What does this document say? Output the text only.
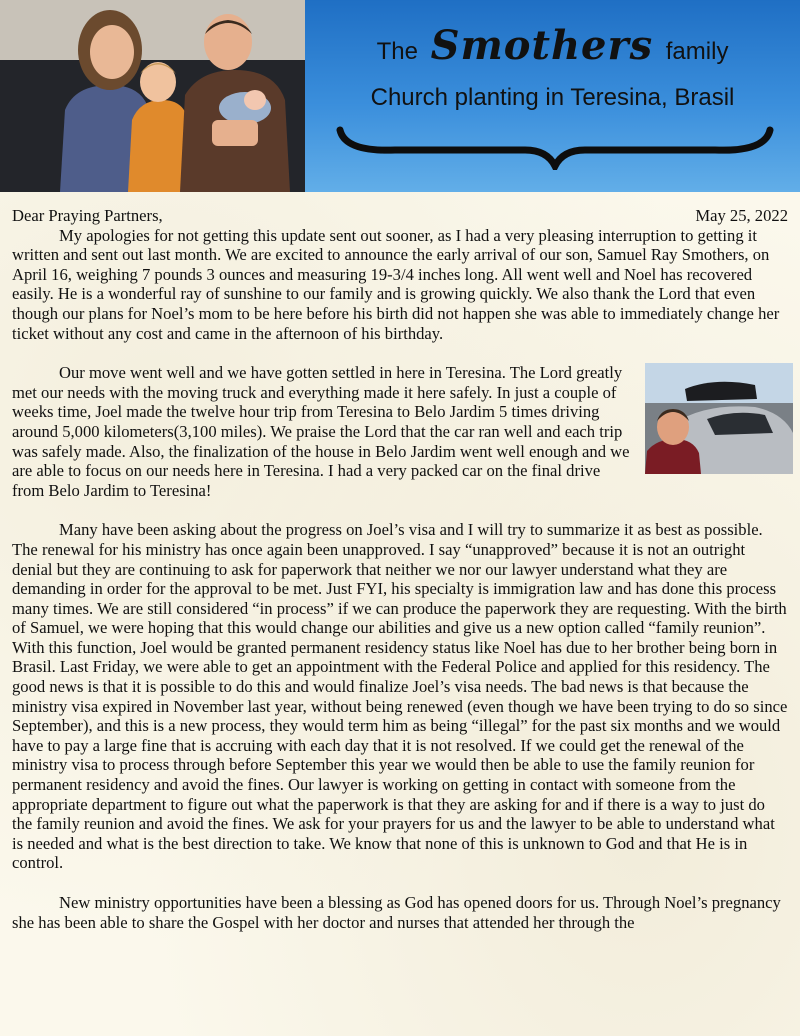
The Smothers family
Church planting in Teresina, Brasil
Dear Praying Partners,	May 25, 2022

My apologies for not getting this update sent out sooner, as I had a very pleasing interruption to getting it written and sent out last month. We are excited to announce the early arrival of our son, Samuel Ray Smothers, on April 16, weighing 7 pounds 3 ounces and measuring 19-3/4 inches long. All went well and Noel has recovered easily. He is a wonderful ray of sunshine to our family and is growing quickly. We also thank the Lord that even though our plans for Noel’s mom to be here before his birth did not happen she was able to immediately change her ticket without any cost and came in the afternoon of his birthday.

Our move went well and we have gotten settled in here in Teresina. The Lord greatly met our needs with the moving truck and everything made it here safely. In just a couple of weeks time, Joel made the twelve hour trip from Teresina to Belo Jardim 5 times driving around 5,000 kilometers(3,100 miles). We praise the Lord that the car ran well and each trip was safely made. Also, the finalization of the house in Belo Jardim went well enough and we are able to focus on our needs here in Teresina. I had a very packed car on the final drive from Belo Jardim to Teresina!

Many have been asking about the progress on Joel’s visa and I will try to summarize it as best as possible. The renewal for his ministry has once again been unapproved. I say “unapproved” because it is not an outright denial but they are continuing to ask for paperwork that neither we nor our lawyer understand what they are demanding in order for the approval to be met. Just FYI, his specialty is immigration law and has done this process many times. We are still considered “in process” if we can produce the paperwork they are requesting. With the birth of Samuel, we were hoping that this would change our abilities and give us a new option called “family reunion”. With this function, Joel would be granted permanent residency status like Noel has due to her brother being born in Brasil. Last Friday, we were able to get an appointment with the Federal Police and applied for this residency. The good news is that it is possible to do this and would finalize Joel’s visa needs. The bad news is that because the ministry visa expired in November last year, without being renewed (even though we have been trying to do so since September), and this is a new process, they would term him as being “illegal” for the past six months and we would have to pay a large fine that is accruing with each day that it is not resolved. If we could get the renewal of the ministry visa to process through before September this year we would then be able to use the family reunion for permanent residency and avoid the fines. Our lawyer is working on getting in contact with someone from the appropriate department to figure out what the paperwork is that they are asking for and if there is a way to just do the family reunion and avoid the fines. We ask for your prayers for us and the lawyer to be able to understand what is needed and what is the best direction to take. We know that none of this is unknown to God and that He is in control.

New ministry opportunities have been a blessing as God has opened doors for us. Through Noel’s pregnancy she has been able to share the Gospel with her doctor and nurses that attended her through the
